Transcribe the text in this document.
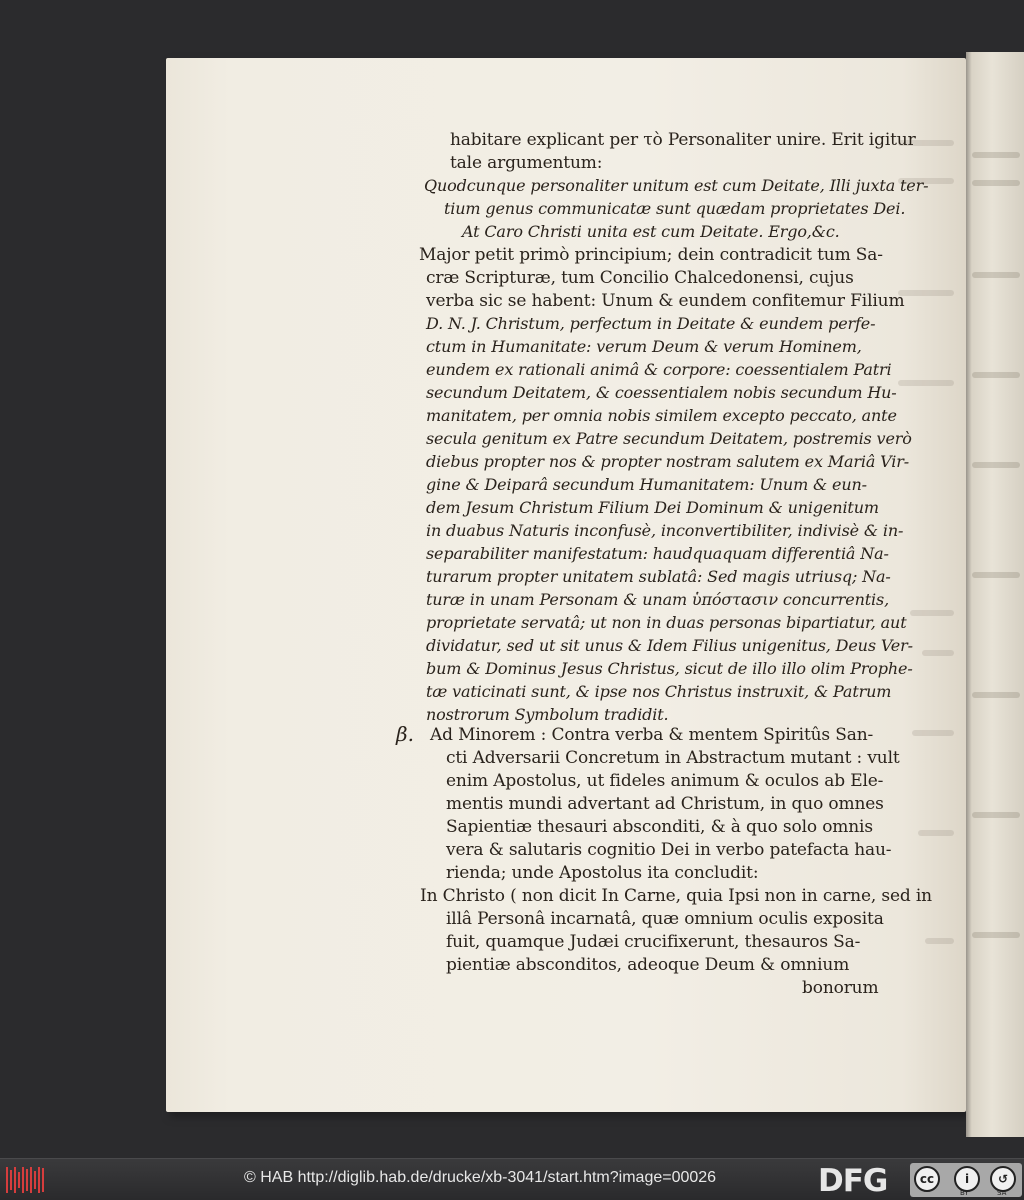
habitare explicant per τὸ Personaliter unire. Erit igitur
tale argumentum:
Quodcunque personaliter unitum est cum Deitate, Illi juxta ter-
tium genus communicatæ sunt quædam proprietates Dei.
At Caro Christi unita est cum Deitate. Ergo,&c.
Major petit primò principium; dein contradicit tum Sa-
cræ Scripturæ, tum Concilio Chalcedonensi, cujus
verba sic se habent: Unum & eundem confitemur Filium
D. N. J. Christum, perfectum in Deitate & eundem perfe-
ctum in Humanitate: verum Deum & verum Hominem,
eundem ex rationali animâ & corpore: coessentialem Patri
secundum Deitatem, & coessentialem nobis secundum Hu-
manitatem, per omnia nobis similem excepto peccato, ante
secula genitum ex Patre secundum Deitatem, postremis verò
diebus propter nos & propter nostram salutem ex Mariâ Vir-
gine & Deiparâ secundum Humanitatem: Unum & eun-
dem Jesum Christum Filium Dei Dominum & unigenitum
in duabus Naturis inconfusè, inconvertibiliter, indivisè & in-
separabiliter manifestatum: haudquaquam differentiâ Na-
turarum propter unitatem sublatâ: Sed magis utriusq; Na-
turæ in unam Personam & unam ὑπόστασιν concurrentis,
proprietate servatâ; ut non in duas personas bipartiatur, aut
dividatur, sed ut sit unus & Idem Filius unigenitus, Deus Ver-
bum & Dominus Jesus Christus, sicut de illo illo olim Prophe-
tæ vaticinati sunt, & ipse nos Christus instruxit, & Patrum
nostrorum Symbolum tradidit.
β. Ad Minorem : Contra verba & mentem Spiritûs San-
cti Adversarii Concretum in Abstractum mutant : vult
enim Apostolus, ut fideles animum & oculos ab Ele-
mentis mundi advertant ad Christum, in quo omnes
Sapientiæ thesauri absconditi, & à quo solo omnis
vera & salutaris cognitio Dei in verbo patefacta hau-
rienda; unde Apostolus ita concludit:
In Christo ( non dicit In Carne, quia Ipsi non in carne, sed in
illâ Personâ incarnatâ, quæ omnium oculis exposita
fuit, quamque Judæi crucifixerunt, thesauros Sa-
pientiæ absconditos, adeoque Deum & omnium
bonorum
© HAB http://diglib.hab.de/drucke/xb-3041/start.htm?image=00026	DFG	cc	i	↺
BY	SA
